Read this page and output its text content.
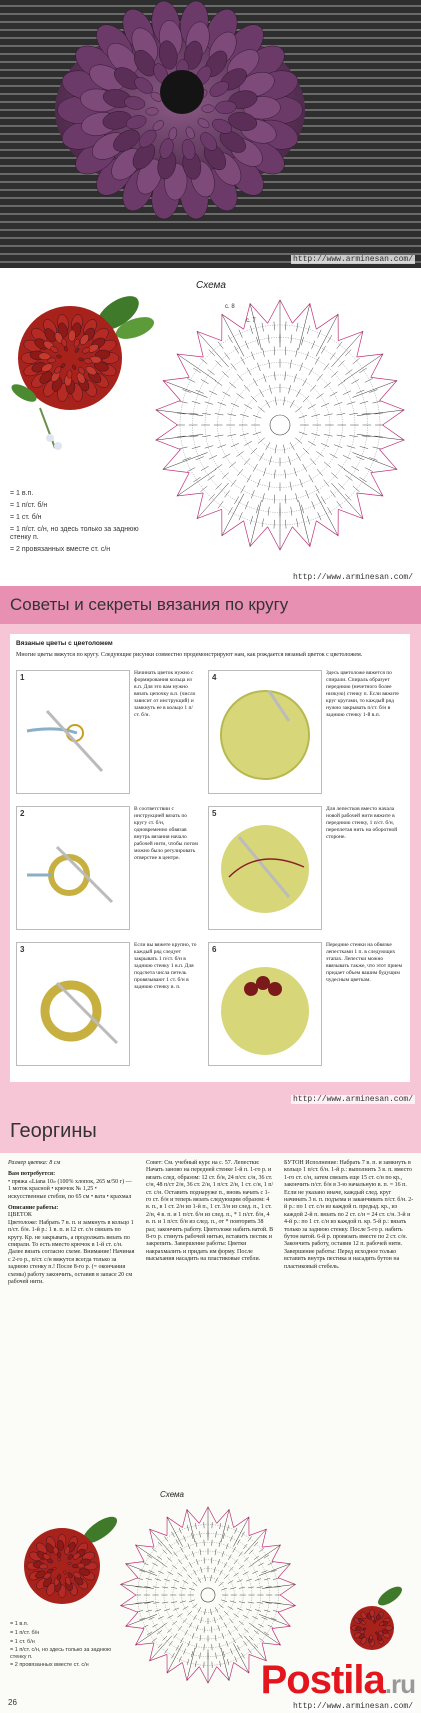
http://www.arminesan.com/
Схема
с. 8
с. 7
= 1 в.п.
= 1 п/ст. б/н
= 1 ст. б/н
= 1 п/ст. с/н, но здесь только за заднюю стенку п.
= 2 провязанных вместе ст. с/н
http://www.arminesan.com/
Советы и секреты вязания по кругу
Вязаные цветы с цветоложем
Многие цветы вяжутся по кругу. Следующие рисунки совместно продемонстрируют нам, как рождается вязаный цветок с цветоложем.
1	Начинать цветок нужно с формирования кольца из в.п. Для это вам нужно вязать цепочку в.п. (число зависит от инструкций) и замкнуть ее в кольцо 1 п/ст. б/н.
2	В соответствии с инструкцией вязать по кругу ст. б/н, одновременно обвязав внутрь вязания начало рабочей нити, чтобы потом можно было регулировать отверстие в центре.
3	Если вы вяжете крупно, то каждый ряд следует закрывать 1 п/ст. б/н в заднюю стенку 1 в.п. Для подсчета числа петель провязывают 1 ст. б/н в заднюю стенку в. п.
4	Здесь цветоложе вяжется по спирали. Спираль образует переднюю (нечетного более низкую) стенку п. Если вяжите круг кругами, то каждый ряд нужно закрывать п/ст. б/н в заднюю стенку 1-й в.п.
5	Для лепестков вместо начала новой рабочей нити вяжите в переднюю стенку, 1 п/ст. б/н, переплетая нить на оборотной стороне.
6	Передние стенки на обвязке лепестками 1 п. в следующих этапах. Лепестки можно ввязывать также, что этот прием придает объем вашим будущим чудесным цветкам.
http://www.arminesan.com/
Георгины
Размер цветка: 8 см
Вам потребуется:
• пряжа «Liana 10» (100% хлопок, 265 м/50 г) — 1 моток красной • крючок № 1,25 • искусственные стебли, по 65 см • вата • крахмал
Описание работы:
ЦВЕТОК
Цветоложе: Набрать 7 в. п. и замкнуть в кольцо 1 п/ст. б/н. 1-й р.: 1 в. п. и 12 ст. с/н связать по кругу. Кр. не закрывать, а продолжать вязать по спирали. То есть вместо крючок в 1-й ст. с/н. Далее вязать согласно схеме. Внимание! Начиная с 2-го р., п/ст. с/н вяжутся всегда только за заднюю стенку п.! После 8-го р. (= окончания схемы) работу закончить, оставив в запасе 20 см рабочей нити.
Совет: См. учебный курс на с. 57. Лепестки: Начать заново на передней стенке 1-й п. 1-го р. и вязать след. образом: 12 ст. б/н, 24 п/ст. с/н, 36 ст. с/н, 48 п/ст 2/н, 36 ст. 2/н, 1 п/ст. 2/н, 1 ст. с/н, 1 п/ст. с/н. Оставить поднаруже п., вновь начать с 1-го ст. б/н и теперь вязать следующим образом: 4 в. п., в 1 ст. 2/н из 1-й п., 1 ст. 3/н из след. п., 1 ст. 2/н, 4 в. п. и 1 п/ст. б/н из след. п., * 1 п/ст. б/н, 4 в. п. и 1 п/ст. б/н из след. п., от * повторить 38 раз; закончить работу. Цветоложе набить ватой. В 8-го р. стянуть рабочей нитью, вставить пестик и закрепить. Завершение работы: Цветки накрахмалить и придать им форму. После высыхания насадить на пластиковые стебли.
БУТОН Исполнение: Набрать 7 в. п. и замкнуть в кольцо 1 п/ст. б/н. 1-й р.: выполнить 3 в. п. вместо 1-го ст. с/н, затем связать еще 15 ст. с/н по кр., закончить п/ст. б/н в 3-ю начальную в. п. = 16 п. Если не указано иначе, каждый след. круг начинать 3 в. п. подъема и заканчивать п/ст. б/н. 2-й р.: по 1 ст. с/н из каждой п. предыд. кр., из каждой 2-й п. вязать по 2 ст. с/н = 24 ст. с/н. 3-й и 4-й р.: по 1 ст. с/н из каждой п. кр. 5-й р.: вязать только за заднюю стенку. После 5-го р. набить бутон ватой. 6-й р. провязать вместе по 2 ст. с/н. Закончить работу, оставив 12 п. рабочей нити. Завершение работы: Перед исходное только вставить внутрь пестика и насадить бутон на пластиковый стебель.
Схема
= 1 в.п.
= 1 п/ст. б/н
= 1 ст. б/н
= 1 п/ст. с/н, но здесь только за заднюю стенку п.
= 2 провязанных вместе ст. с/н
26
Postila.ru
http://www.arminesan.com/
